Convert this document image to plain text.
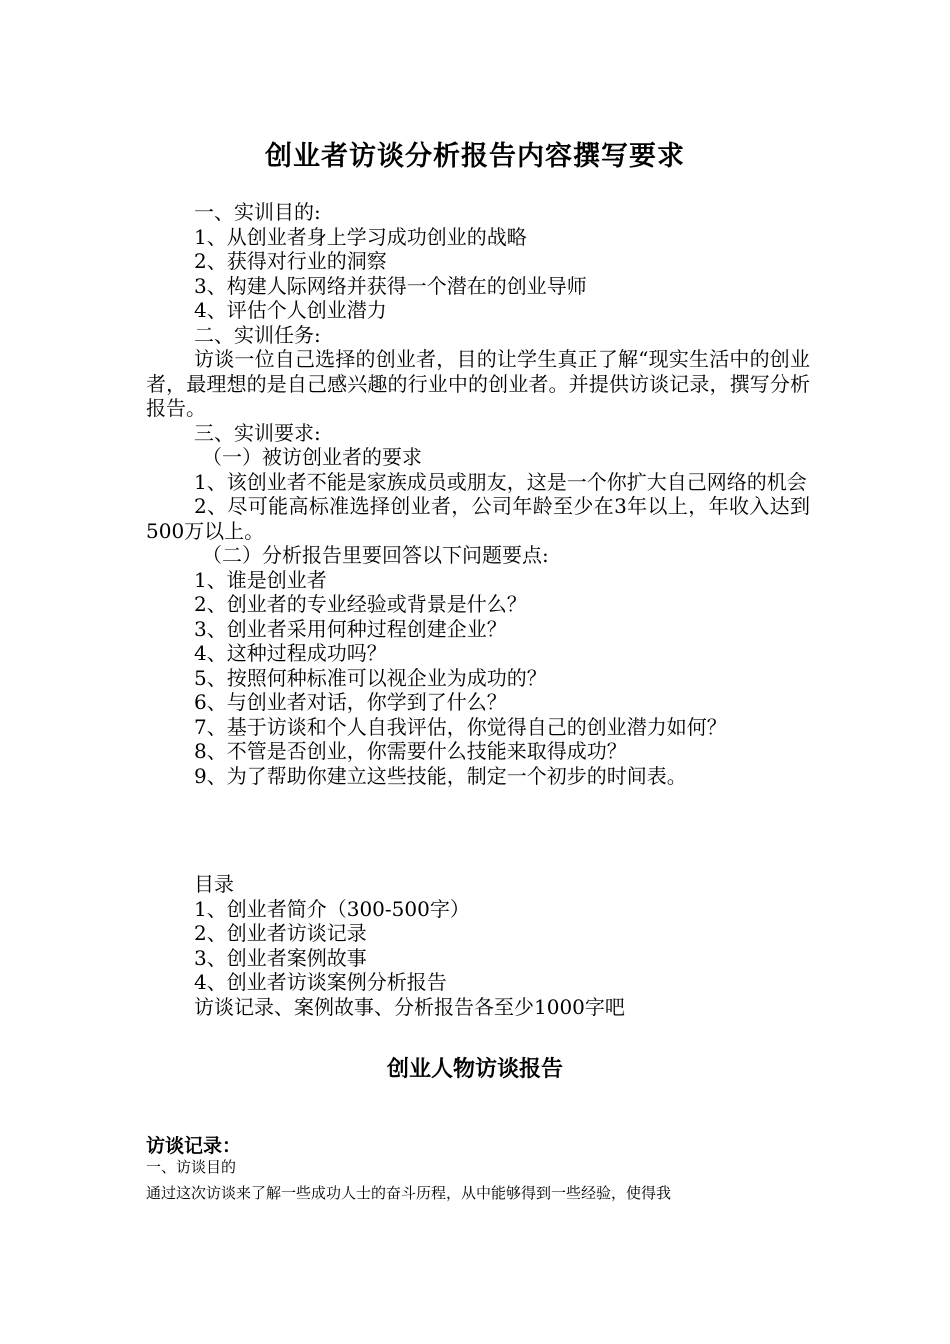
创业者访谈分析报告内容撰写要求

一、实训目的:

1、从创业者身上学习成功创业的战略

2、获得对行业的洞察

3、构建人际网络并获得一个潜在的创业导师

4、评估个人创业潜力

二、实训任务:

访谈一位自己选择的创业者，目的让学生真正了解“现实生活中的创业者，最理想的是自己感兴趣的行业中的创业者。并提供访谈记录，撰写分析报告。

三、实训要求:

（一）被访创业者的要求

1、该创业者不能是家族成员或朋友，这是一个你扩大自己网络的机会

2、尽可能高标准选择创业者，公司年龄至少在3年以上，年收入达到500万以上。

（二）分析报告里要回答以下问题要点:

1、谁是创业者

2、创业者的专业经验或背景是什么？

3、创业者采用何种过程创建企业？

4、这种过程成功吗？

5、按照何种标准可以视企业为成功的？

6、与创业者对话，你学到了什么？

7、基于访谈和个人自我评估，你觉得自己的创业潜力如何？

8、不管是否创业，你需要什么技能来取得成功？

9、为了帮助你建立这些技能，制定一个初步的时间表。

目录

1、创业者简介（300-500字）

2、创业者访谈记录

3、创业者案例故事

4、创业者访谈案例分析报告

访谈记录、案例故事、分析报告各至少1000字吧

创业人物访谈报告
访谈记录：

一、访谈目的

通过这次访谈来了解一些成功人士的奋斗历程，从中能够得到一些经验，使得我
